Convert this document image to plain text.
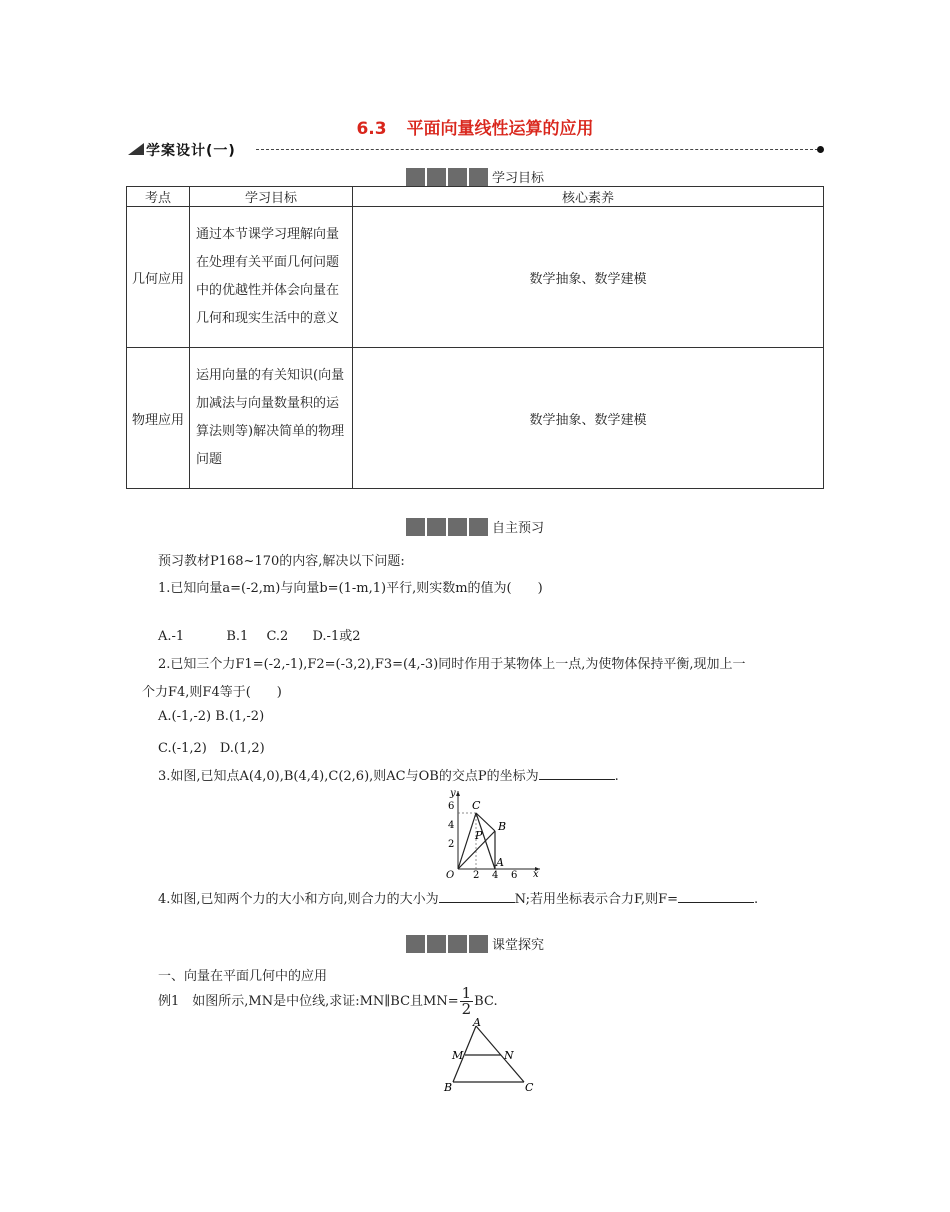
6.3 平面向量线性运算的应用
学案设计(一)
学习目标
考点	学习目标	核心素养
几何应用	通过本节课学习理解向量在处理有关平面几何问题中的优越性并体会向量在几何和现实生活中的意义	数学抽象、数学建模
物理应用	运用向量的有关知识(向量加减法与向量数量积的运算法则等)解决简单的物理问题	数学抽象、数学建模
自主预习
预习教材P168~170的内容,解决以下问题:
1.已知向量a=(-2,m)与向量b=(1-m,1)平行,则实数m的值为(　　)
A.-1	B.1 C.2 D.-1或2
2.已知三个力F1=(-2,-1),F2=(-3,2),F3=(4,-3)同时作用于某物体上一点,为使物体保持平衡,现加上一
个力F4,则F4等于(　　)
A.(-1,-2) B.(1,-2)
C.(-1,2)　D.(1,2)
3.如图,已知点A(4,0),B(4,4),C(2,6),则AC与OB的交点P的坐标为	.
y
x
O
6
4
2
2 4 6
C
B
P
A
4.如图,已知两个力的大小和方向,则合力的大小为	N;若用坐标表示合力F,则F=	.
课堂探究
一、向量在平面几何中的应用
例1　如图所示,MN是中位线,求证:MN∥BC且$MN= \frac{1}{2}$ BC.
A
M	N
B	C
